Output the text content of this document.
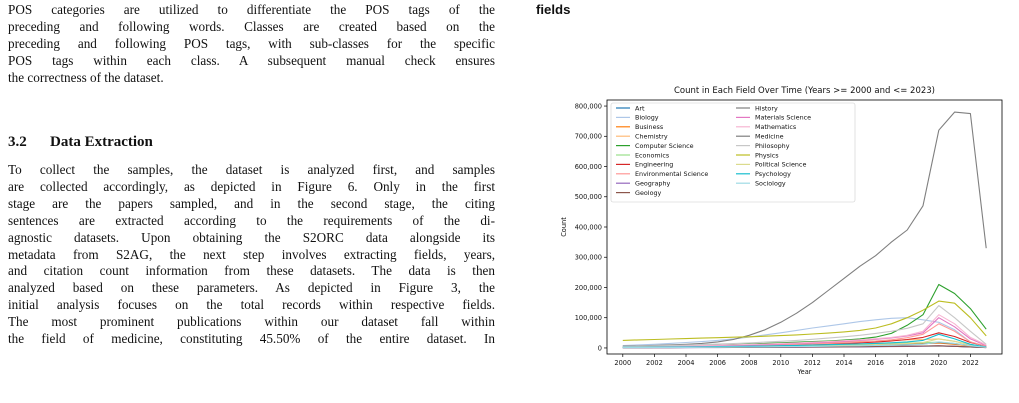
POS categories are utilized to differentiate the POS tags of the
preceding and following words. Classes are created based on the
preceding and following POS tags, with sub-classes for the specific
POS tags within each class. A subsequent manual check ensures
the correctness of the dataset.
3.2 Data Extraction
To collect the samples, the dataset is analyzed first, and samples
are collected accordingly, as depicted in Figure 6. Only in the first
stage are the papers sampled, and in the second stage, the citing
sentences are extracted according to the requirements of the di-
agnostic datasets. Upon obtaining the S2ORC data alongside its
metadata from S2AG, the next step involves extracting fields, years,
and citation count information from these datasets. The data is then
analyzed based on these parameters. As depicted in Figure 3, the
initial analysis focuses on the total records within respective fields.
The most prominent publications within our dataset fall within
the field of medicine, constituting 45.50% of the entire dataset. In
fields
2000 2002 2004 2006 2008 2010 2012 2014 2016 2018 2020 2022
0
100,000
200,000
300,000
400,000
500,000
600,000
700,000
800,000
Year
Count
Art
Biology
Business
Chemistry
Computer Science
Economics
Engineering
Environmental Science
Geography
Geology
History
Materials Science
Mathematics
Medicine
Philosophy
Physics
Political Science
Psychology
Sociology
Count in Each Field Over Time (Years >= 2000 and <= 2023)
